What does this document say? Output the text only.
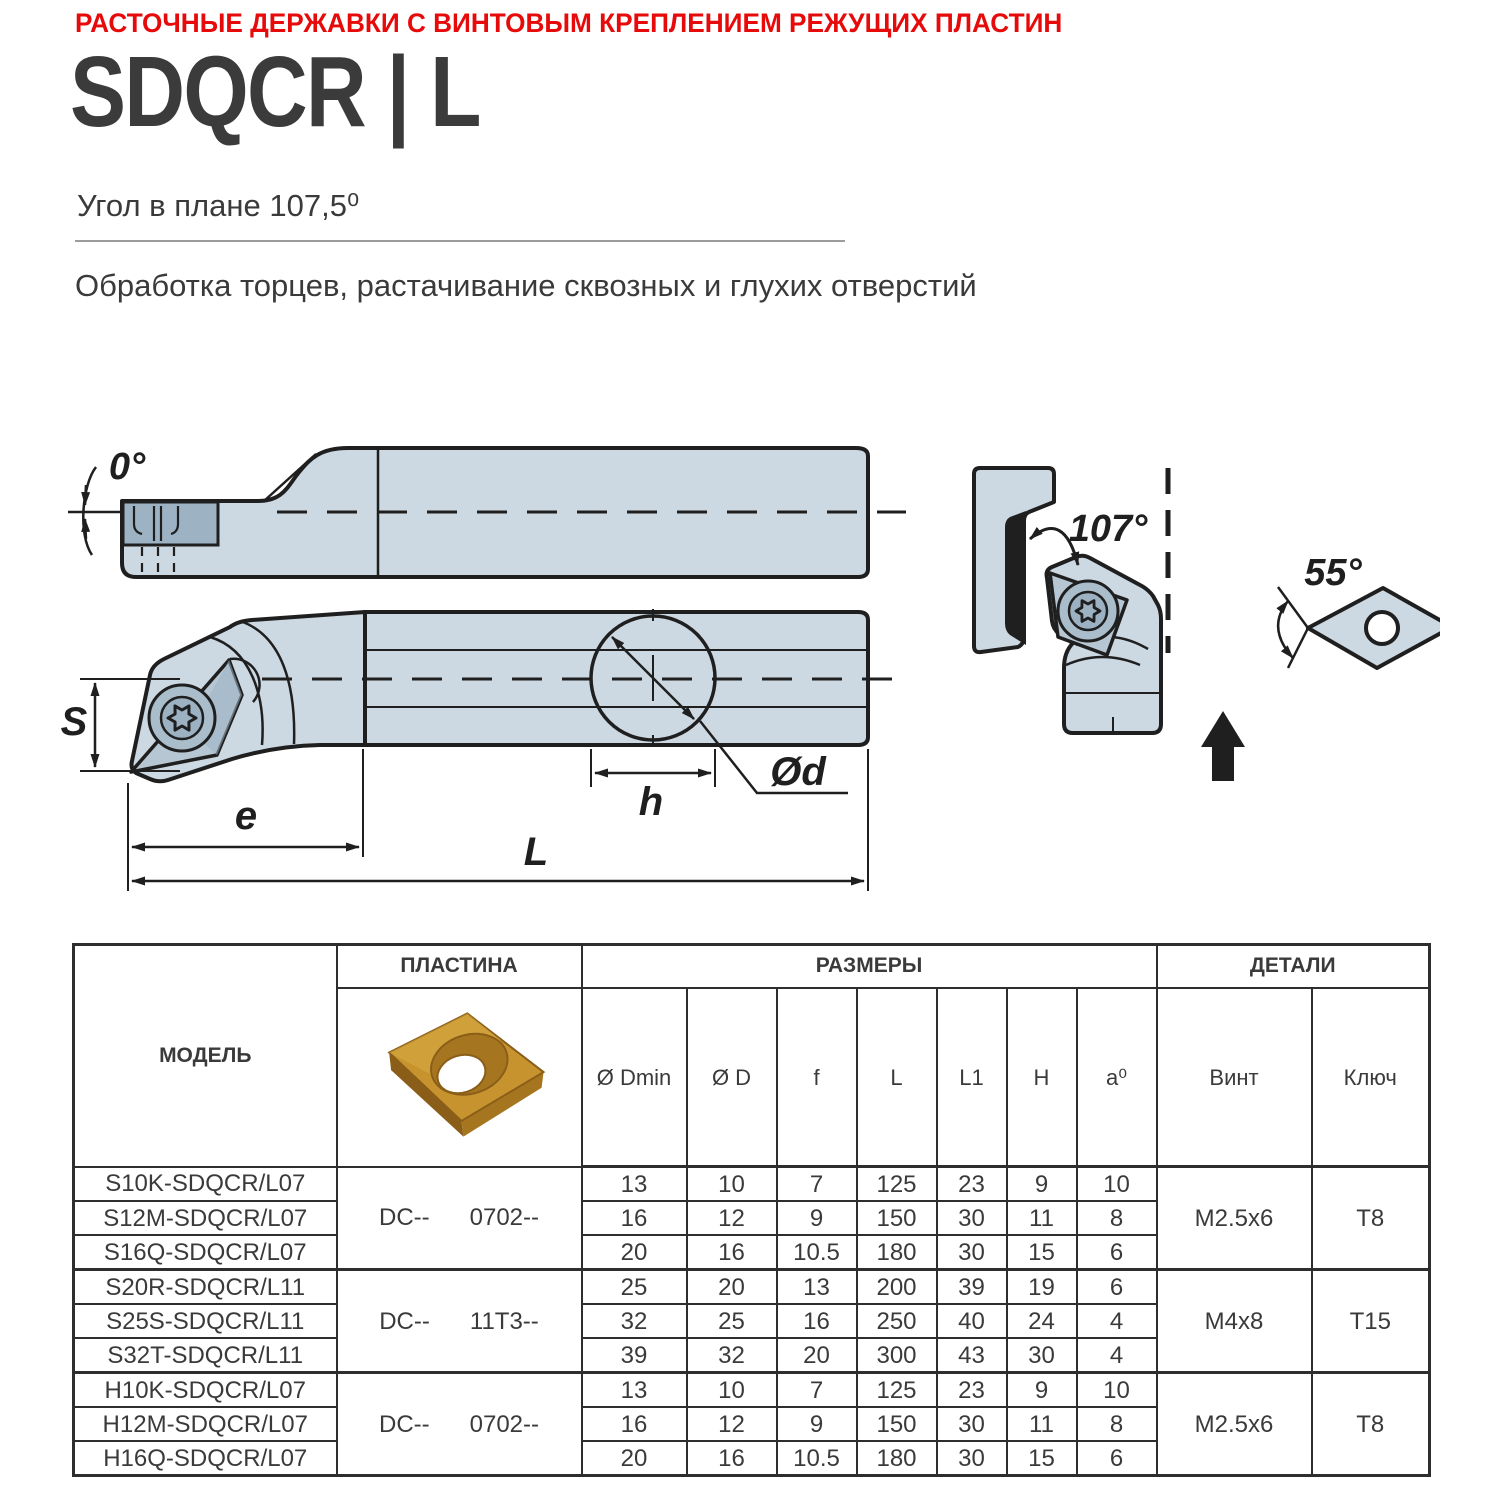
РАСТОЧНЫЕ ДЕРЖАВКИ С ВИНТОВЫМ КРЕПЛЕНИЕМ РЕЖУЩИХ ПЛАСТИН
SDQCR | L
Угол в плане 107,5⁰
Обработка торцев, растачивание сквозных и глухих отверстий
0°
Ød
S
h
e
L
107°
55°
МОДЕЛЬ	ПЛАСТИНА	РАЗМЕРЫ							ДЕТАЛИ	

		Ø Dmin	Ø D	f	L	L1	H	a⁰	Винт	Ключ
S10K-SDQCR/L07	DC--      0702--	13	10	7	125	23	9	10	M2.5x6	T8
S12M-SDQCR/L07		16	12	9	150	30	11	8		
S16Q-SDQCR/L07		20	16	10.5	180	30	15	6		
S20R-SDQCR/L11	DC--      11T3--	25	20	13	200	39	19	6	M4x8	T15
S25S-SDQCR/L11		32	25	16	250	40	24	4		
S32T-SDQCR/L11		39	32	20	300	43	30	4		
H10K-SDQCR/L07	DC--      0702--	13	10	7	125	23	9	10	M2.5x6	T8
H12M-SDQCR/L07		16	12	9	150	30	11	8		
H16Q-SDQCR/L07		20	16	10.5	180	30	15	6		
